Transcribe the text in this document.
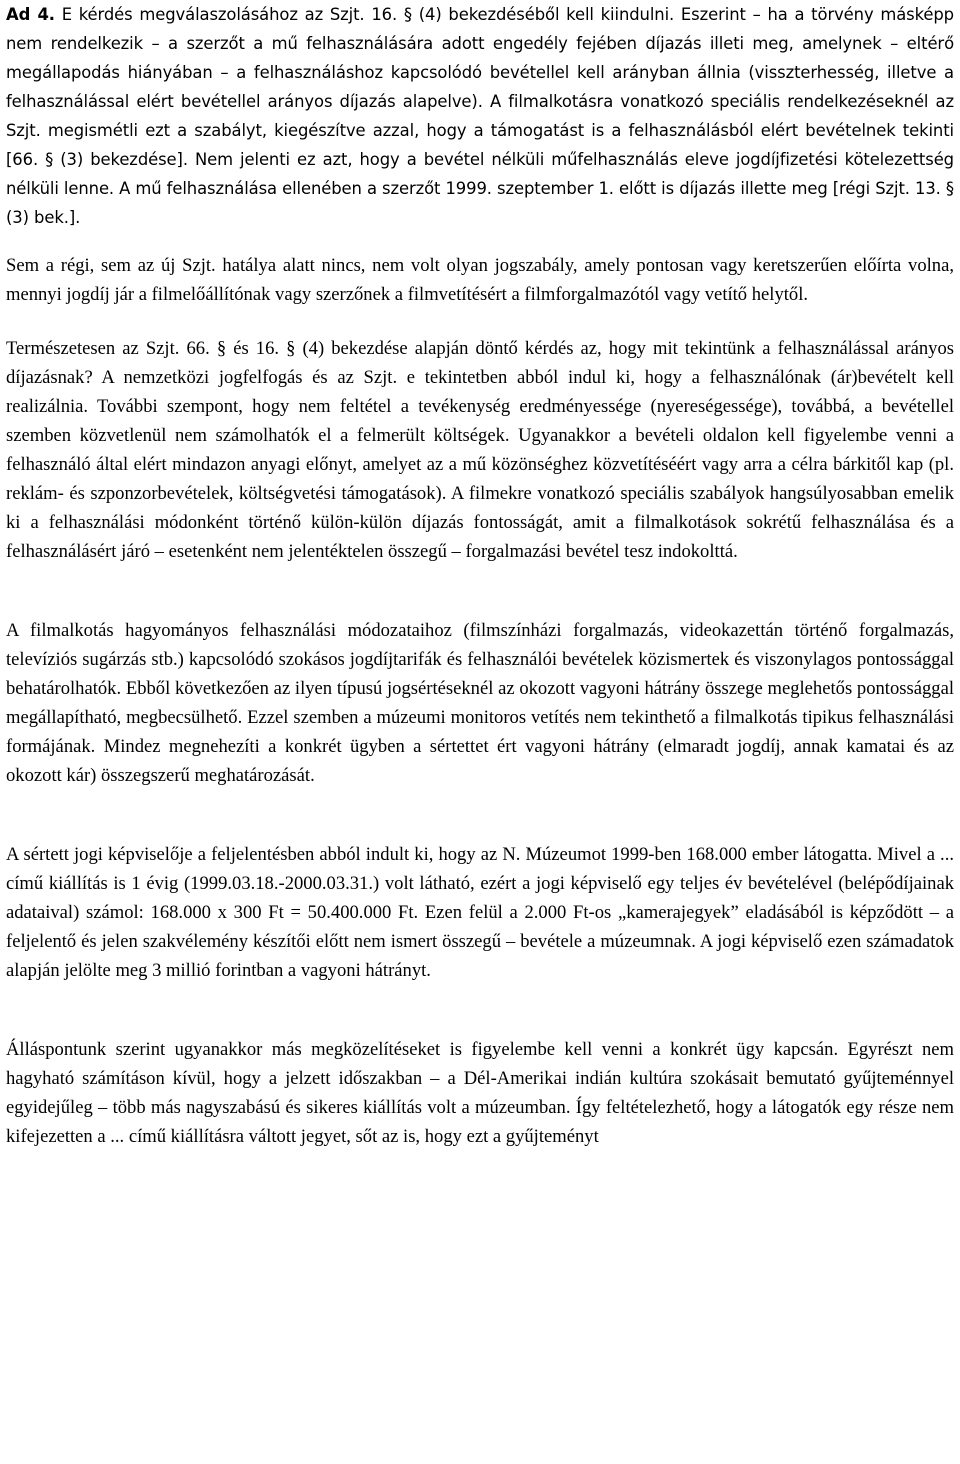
Ad 4. E kérdés megválaszolásához az Szjt. 16. § (4) bekezdéséből kell kiindulni. Eszerint – ha a törvény másképp nem rendelkezik – a szerzőt a mű felhasználására adott engedély fejében díjazás illeti meg, amelynek – eltérő megállapodás hiányában – a felhasználáshoz kapcsolódó bevétellel kell arányban állnia (visszterhesség, illetve a felhasználással elért bevétellel arányos díjazás alapelve). A filmalkotásra vonatkozó speciális rendelkezéseknél az Szjt. megismétli ezt a szabályt, kiegészítve azzal, hogy a támogatást is a felhasználásból elért bevételnek tekinti [66. § (3) bekezdése]. Nem jelenti ez azt, hogy a bevétel nélküli műfelhasználás eleve jogdíjfizetési kötelezettség nélküli lenne. A mű felhasználása ellenében a szerzőt 1999. szeptember 1. előtt is díjazás illette meg [régi Szjt. 13. § (3) bek.].

Sem a régi, sem az új Szjt. hatálya alatt nincs, nem volt olyan jogszabály, amely pontosan vagy keretszerűen előírta volna, mennyi jogdíj jár a filmelőállítónak vagy szerzőnek a filmvetítésért a filmforgalmazótól vagy vetítő helytől.

Természetesen az Szjt. 66. § és 16. § (4) bekezdése alapján döntő kérdés az, hogy mit tekintünk a felhasználással arányos díjazásnak? A nemzetközi jogfelfogás és az Szjt. e tekintetben abból indul ki, hogy a felhasználónak (ár)bevételt kell realizálnia. További szempont, hogy nem feltétel a tevékenység eredményessége (nyereségessége), továbbá, a bevétellel szemben közvetlenül nem számolhatók el a felmerült költségek. Ugyanakkor a bevételi oldalon kell figyelembe venni a felhasználó által elért mindazon anyagi előnyt, amelyet az a mű közönséghez közvetítéséért vagy arra a célra bárkitől kap (pl. reklám- és szponzorbevételek, költségvetési támogatások). A filmekre vonatkozó speciális szabályok hangsúlyosabban emelik ki a felhasználási módonként történő külön-külön díjazás fontosságát, amit a filmalkotások sokrétű felhasználása és a felhasználásért járó – esetenként nem jelentéktelen összegű – forgalmazási bevétel tesz indokolttá.

A filmalkotás hagyományos felhasználási módozataihoz (filmszínházi forgalmazás, videokazettán történő forgalmazás, televíziós sugárzás stb.) kapcsolódó szokásos jogdíjtarifák és felhasználói bevételek közismertek és viszonylagos pontossággal behatárolhatók. Ebből következően az ilyen típusú jogsértéseknél az okozott vagyoni hátrány összege meglehetős pontossággal megállapítható, megbecsülhető. Ezzel szemben a múzeumi monitoros vetítés nem tekinthető a filmalkotás tipikus felhasználási formájának. Mindez megnehezíti a konkrét ügyben a sértettet ért vagyoni hátrány (elmaradt jogdíj, annak kamatai és az okozott kár) összegszerű meghatározását.

A sértett jogi képviselője a feljelentésben abból indult ki, hogy az N. Múzeumot 1999-ben 168.000 ember látogatta. Mivel a ... című kiállítás is 1 évig (1999.03.18.-2000.03.31.) volt látható, ezért a jogi képviselő egy teljes év bevételével (belépődíjainak adataival) számol: 168.000 x 300 Ft = 50.400.000 Ft. Ezen felül a 2.000 Ft-os „kamerajegyek” eladásából is képződött – a feljelentő és jelen szakvélemény készítői előtt nem ismert összegű – bevétele a múzeumnak. A jogi képviselő ezen számadatok alapján jelölte meg 3 millió forintban a vagyoni hátrányt.

Álláspontunk szerint ugyanakkor más megközelítéseket is figyelembe kell venni a konkrét ügy kapcsán. Egyrészt nem hagyható számításon kívül, hogy a jelzett időszakban – a Dél-Amerikai indián kultúra szokásait bemutató gyűjteménnyel egyidejűleg – több más nagyszabású és sikeres kiállítás volt a múzeumban. Így feltételezhető, hogy a látogatók egy része nem kifejezetten a ... című kiállításra váltott jegyet, sőt az is, hogy ezt a gyűjteményt
